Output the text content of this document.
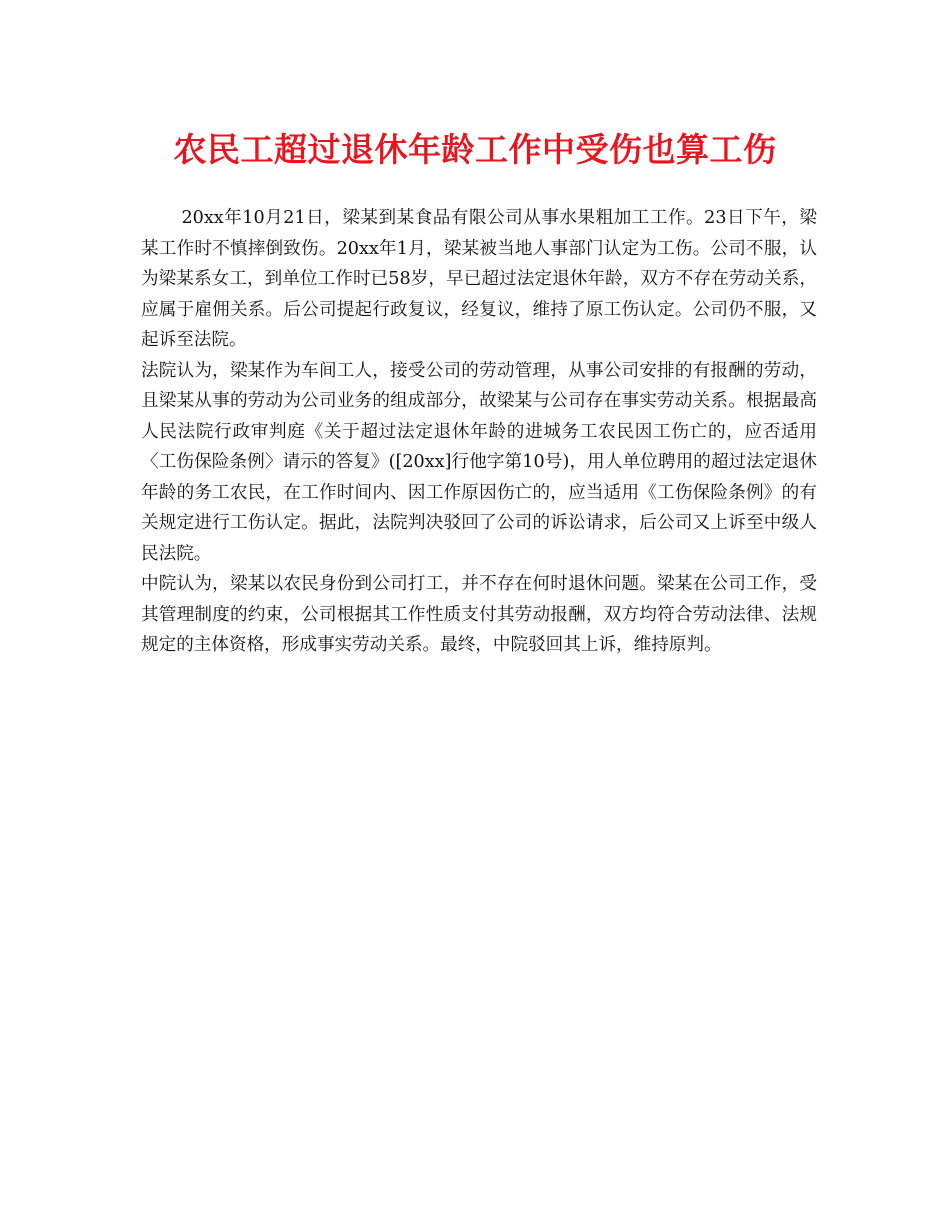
农民工超过退休年龄工作中受伤也算工伤

20xx年10月21日，梁某到某食品有限公司从事水果粗加工工作。23日下午，梁某工作时不慎摔倒致伤。20xx年1月，梁某被当地人事部门认定为工伤。公司不服，认为梁某系女工，到单位工作时已58岁，早已超过法定退休年龄，双方不存在劳动关系，应属于雇佣关系。后公司提起行政复议，经复议，维持了原工伤认定。公司仍不服，又起诉至法院。

法院认为，梁某作为车间工人，接受公司的劳动管理，从事公司安排的有报酬的劳动，且梁某从事的劳动为公司业务的组成部分，故梁某与公司存在事实劳动关系。根据最高人民法院行政审判庭《关于超过法定退休年龄的进城务工农民因工伤亡的，应否适用〈工伤保险条例〉请示的答复》([20xx]行他字第10号)，用人单位聘用的超过法定退休年龄的务工农民，在工作时间内、因工作原因伤亡的，应当适用《工伤保险条例》的有关规定进行工伤认定。据此，法院判决驳回了公司的诉讼请求，后公司又上诉至中级人民法院。

中院认为，梁某以农民身份到公司打工，并不存在何时退休问题。梁某在公司工作，受其管理制度的约束，公司根据其工作性质支付其劳动报酬，双方均符合劳动法律、法规规定的主体资格，形成事实劳动关系。最终，中院驳回其上诉，维持原判。
